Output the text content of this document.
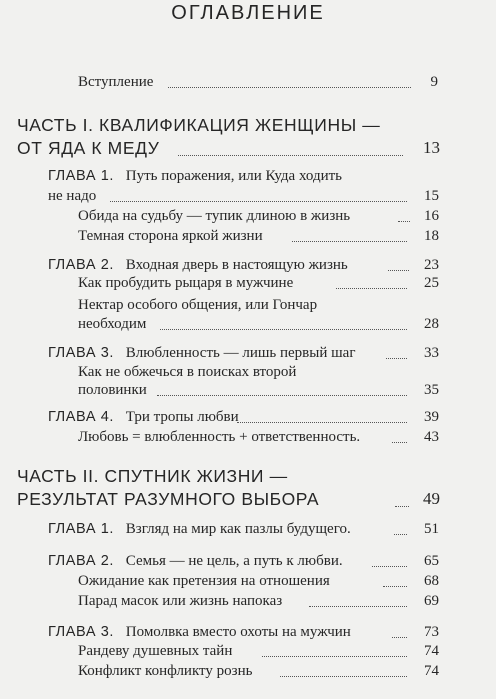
ОГЛАВЛЕНИЕ
Вступление	9
ЧАСТЬ I. КВАЛИФИКАЦИЯ ЖЕНЩИНЫ —
ОТ ЯДА К МЕДУ	13
ГЛАВА 1. Путь поражения, или Куда ходить
не надо	15
Обида на судьбу — тупик длиною в жизнь	16
Темная сторона яркой жизни	18
ГЛАВА 2. Входная дверь в настоящую жизнь	23
Как пробудить рыцаря в мужчине	25
Нектар особого общения, или Гончар
необходим	28
ГЛАВА 3. Влюбленность — лишь первый шаг	33
Как не обжечься в поисках второй
половинки	35
ГЛАВА 4. Три тропы любви	39
Любовь = влюбленность + ответственность.	43
ЧАСТЬ II. СПУТНИК ЖИЗНИ —
РЕЗУЛЬТАТ РАЗУМНОГО ВЫБОРА	49
ГЛАВА 1. Взгляд на мир как пазлы будущего.	51
ГЛАВА 2. Семья — не цель, а путь к любви.	65
Ожидание как претензия на отношения	68
Парад масок или жизнь напоказ	69
ГЛАВА 3. Помолвка вместо охоты на мужчин	73
Рандеву душевных тайн	74
Конфликт конфликту рознь	74
